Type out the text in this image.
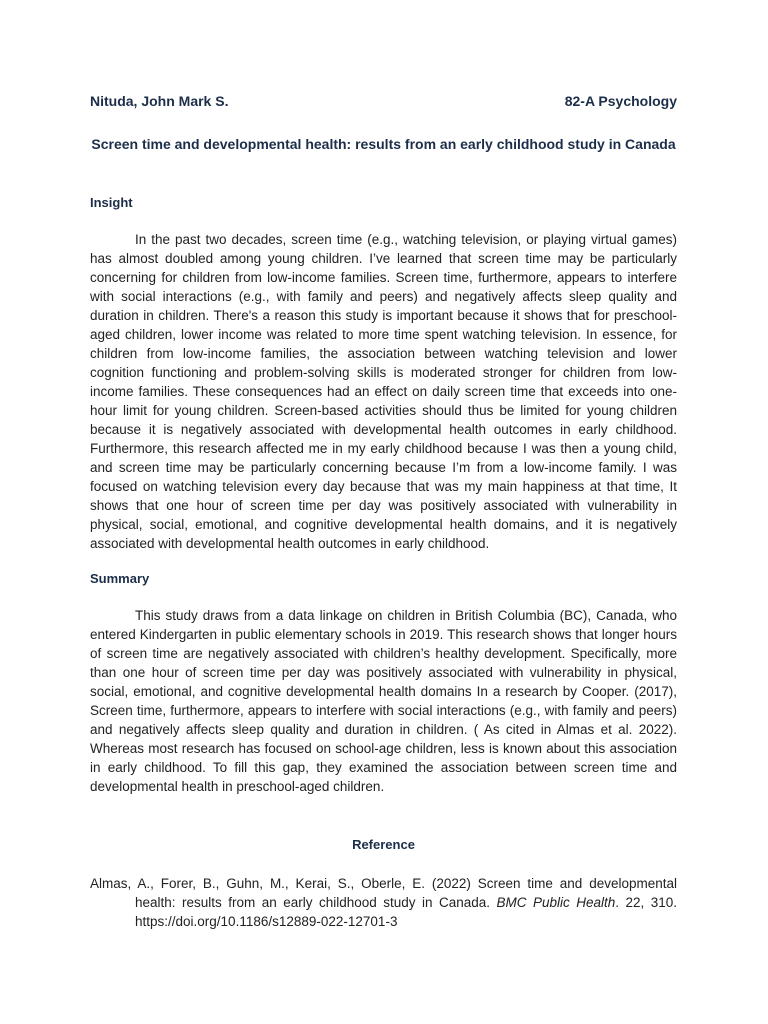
Nituda, John Mark S.	82-A Psychology
Screen time and developmental health: results from an early childhood study in Canada
Insight
In the past two decades, screen time (e.g., watching television, or playing virtual games) has almost doubled among young children. I’ve learned that screen time may be particularly concerning for children from low-income families. Screen time, furthermore, appears to interfere with social interactions (e.g., with family and peers) and negatively affects sleep quality and duration in children. There's a reason this study is important because it shows that for preschool-aged children, lower income was related to more time spent watching television. In essence, for children from low-income families, the association between watching television and lower cognition functioning and problem-solving skills is moderated stronger for children from low-income families. These consequences had an effect on daily screen time that exceeds into one-hour limit for young children. Screen-based activities should thus be limited for young children because it is negatively associated with developmental health outcomes in early childhood. Furthermore, this research affected me in my early childhood because I was then a young child, and screen time may be particularly concerning because I’m from a low-income family. I was focused on watching television every day because that was my main happiness at that time, It shows that one hour of screen time per day was positively associated with vulnerability in physical, social, emotional, and cognitive developmental health domains, and it is negatively associated with developmental health outcomes in early childhood.
Summary
This study draws from a data linkage on children in British Columbia (BC), Canada, who entered Kindergarten in public elementary schools in 2019. This research shows that longer hours of screen time are negatively associated with children’s healthy development. Specifically, more than one hour of screen time per day was positively associated with vulnerability in physical, social, emotional, and cognitive developmental health domains In a research by Cooper. (2017), Screen time, furthermore, appears to interfere with social interactions (e.g., with family and peers) and negatively affects sleep quality and duration in children. ( As cited in Almas et al. 2022). Whereas most research has focused on school-age children, less is known about this association in early childhood. To fill this gap, they examined the association between screen time and developmental health in preschool-aged children.
Reference
Almas, A., Forer, B., Guhn, M., Kerai, S., Oberle, E. (2022) Screen time and developmental health: results from an early childhood study in Canada. BMC Public Health. 22, 310. https://doi.org/10.1186/s12889-022-12701-3
